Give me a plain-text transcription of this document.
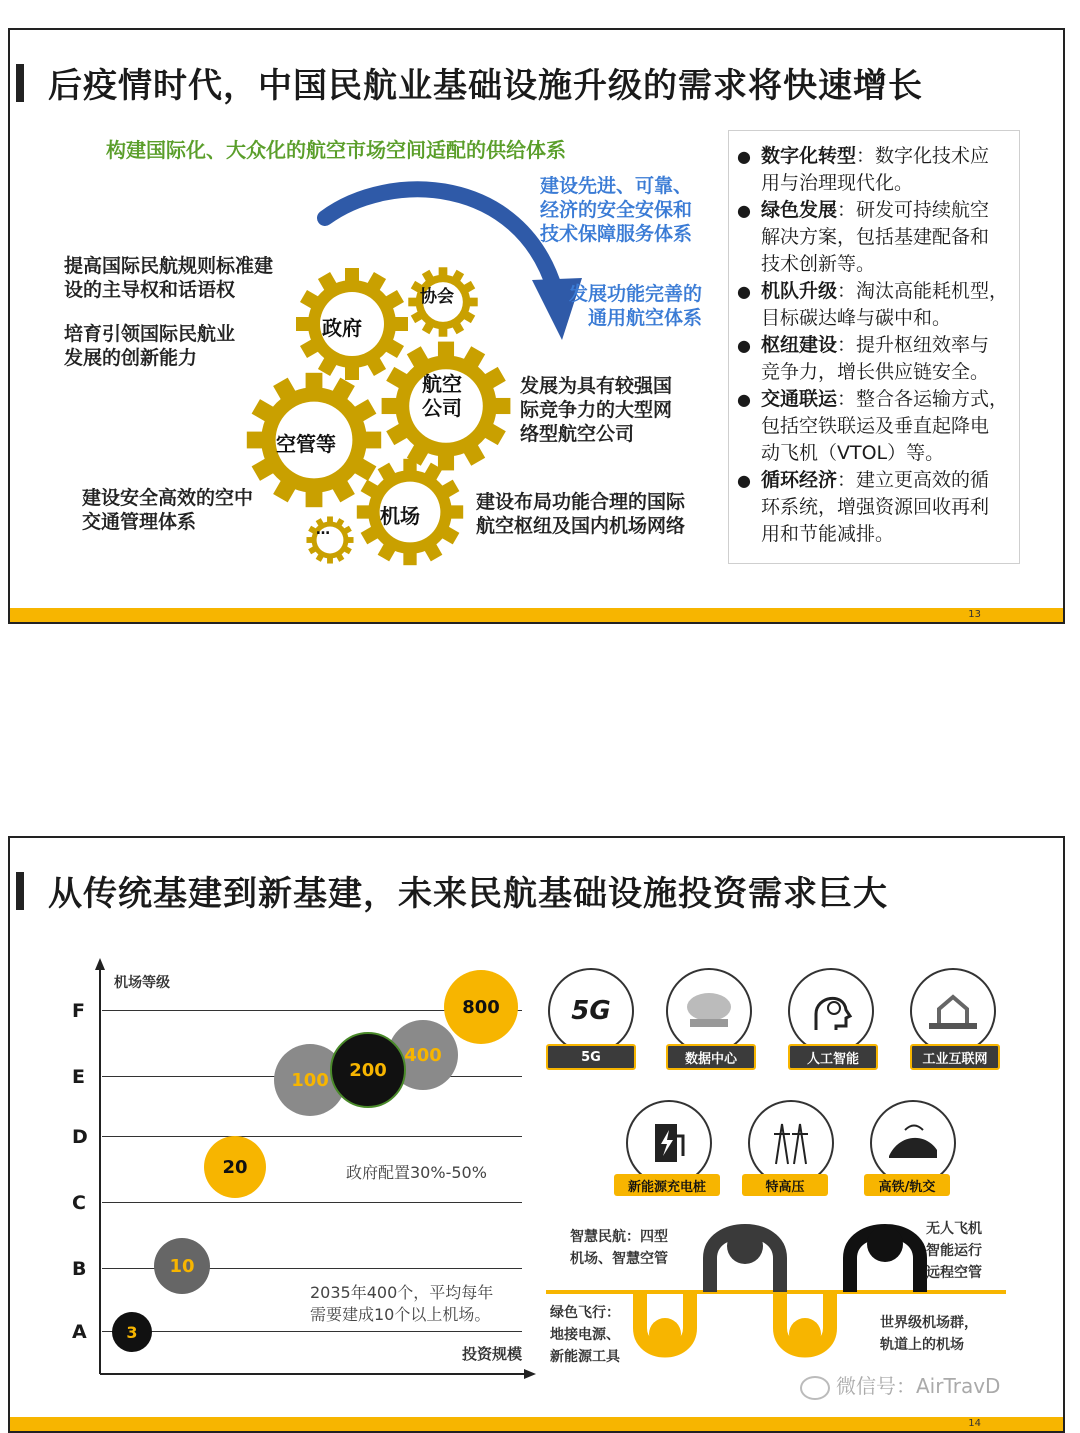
后疫情时代，中国民航业基础设施升级的需求将快速增长
构建国际化、大众化的航空市场空间适配的供给体系
建设先进、可靠、
经济的安全安保和
技术保障服务体系
发展功能完善的
通用航空体系
提高国际民航规则标准建
设的主导权和话语权
培育引领国际民航业
发展的创新能力
建设安全高效的空中
交通管理体系
发展为具有较强国
际竞争力的大型网
络型航空公司
建设布局功能合理的国际
航空枢纽及国内机场网络
政府
协会
航空
公司
空管等
机场
…
● 数字化转型：数字化技术应
用与治理现代化。
● 绿色发展：研发可持续航空
解决方案，包括基建配备和
技术创新等。
● 机队升级：淘汰高能耗机型，
目标碳达峰与碳中和。
● 枢纽建设：提升枢纽效率与
竞争力，增长供应链安全。
● 交通联运：整合各运输方式，
包括空铁联运及垂直起降电
动飞机（VTOL）等。
● 循环经济：建立更高效的循
环系统，增强资源回收再利
用和节能减排。
13
从传统基建到新基建，未来民航基础设施投资需求巨大
机场等级
投资规模
F
E
D
C
B
A
100
400
800
200
20
10
3
政府配置30%-50%
2035年400个，平均每年
需要建成10个以上机场。
5G
5G	数据中心	人工智能	工业互联网
新能源充电桩	特高压	高铁/轨交
智慧民航：四型
机场、智慧空管
无人飞机
智能运行
远程空管
绿色飞行：
地接电源、
新能源工具
世界级机场群，
轨道上的机场
微信号：AirTravD
14
